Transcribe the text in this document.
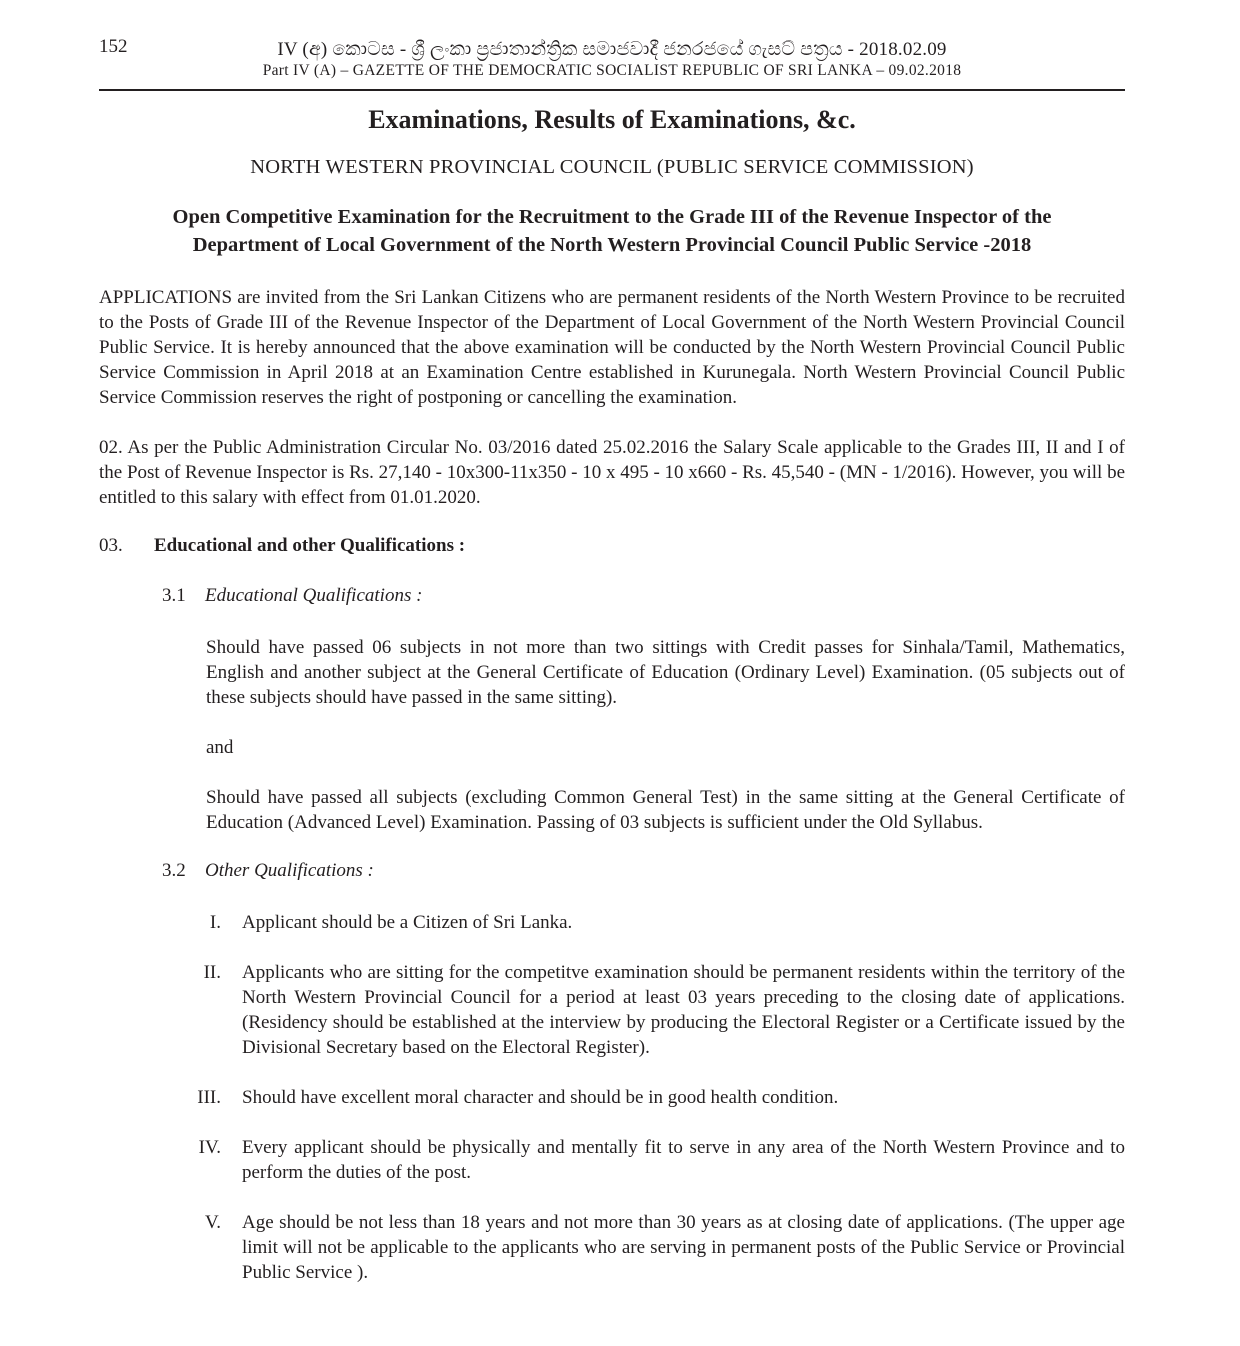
152	IV (අ) කොටස - ශ්‍රී ලංකා ප්‍රජාතාන්ත්‍රික සමාජවාදී ජනරජයේ ගැසට් පත්‍රය - 2018.02.09
Part IV (A) – GAZETTE OF THE DEMOCRATIC SOCIALIST REPUBLIC OF SRI LANKA – 09.02.2018
Examinations, Results of Examinations, &c.
NORTH WESTERN PROVINCIAL COUNCIL (PUBLIC SERVICE COMMISSION)
Open Competitive Examination for the Recruitment to the Grade III of the Revenue Inspector of the
Department of Local Government of the North Western Provincial Council Public Service -2018
APPLICATIONS are invited from the Sri Lankan Citizens who are permanent residents of the North Western Province to be recruited to the Posts of Grade III of the Revenue Inspector of the Department of Local Government of the North Western Provincial Council Public Service. It is hereby announced that the above examination will be conducted by the North Western Provincial Council Public Service Commission in April 2018 at an Examination Centre established in Kurunegala. North Western Provincial Council Public Service Commission reserves the right of postponing or cancelling the examination.
02. As per the Public Administration Circular No. 03/2016 dated 25.02.2016 the Salary Scale applicable to the Grades III, II and I of the Post of Revenue Inspector is Rs. 27,140 - 10x300-11x350 - 10 x 495 - 10 x660 - Rs. 45,540 - (MN - 1/2016). However, you will be entitled to this salary with effect from 01.01.2020.
03. Educational and other Qualifications :
3.1 Educational Qualifications :
Should have passed 06 subjects in not more than two sittings with Credit passes for Sinhala/Tamil, Mathematics, English and another subject at the General Certificate of Education (Ordinary Level) Examination. (05 subjects out of these subjects should have passed in the same sitting).
and
Should have passed all subjects (excluding Common General Test) in the same sitting at the General Certificate of Education (Advanced Level) Examination. Passing of 03 subjects is sufficient under the Old Syllabus.
3.2 Other Qualifications :
I. Applicant should be a Citizen of Sri Lanka.
II. Applicants who are sitting for the competitve examination should be permanent residents within the territory of the North Western Provincial Council for a period at least 03 years preceding to the closing date of applications. (Residency should be established at the interview by producing the Electoral Register or a Certificate issued by the Divisional Secretary based on the Electoral Register).
III. Should have excellent moral character and should be in good health condition.
IV. Every applicant should be physically and mentally fit to serve in any area of the North Western Province and to perform the duties of the post.
V. Age should be not less than 18 years and not more than 30 years as at closing date of applications. (The upper age limit will not be applicable to the applicants who are serving in permanent posts of the Public Service or Provincial Public Service ).
